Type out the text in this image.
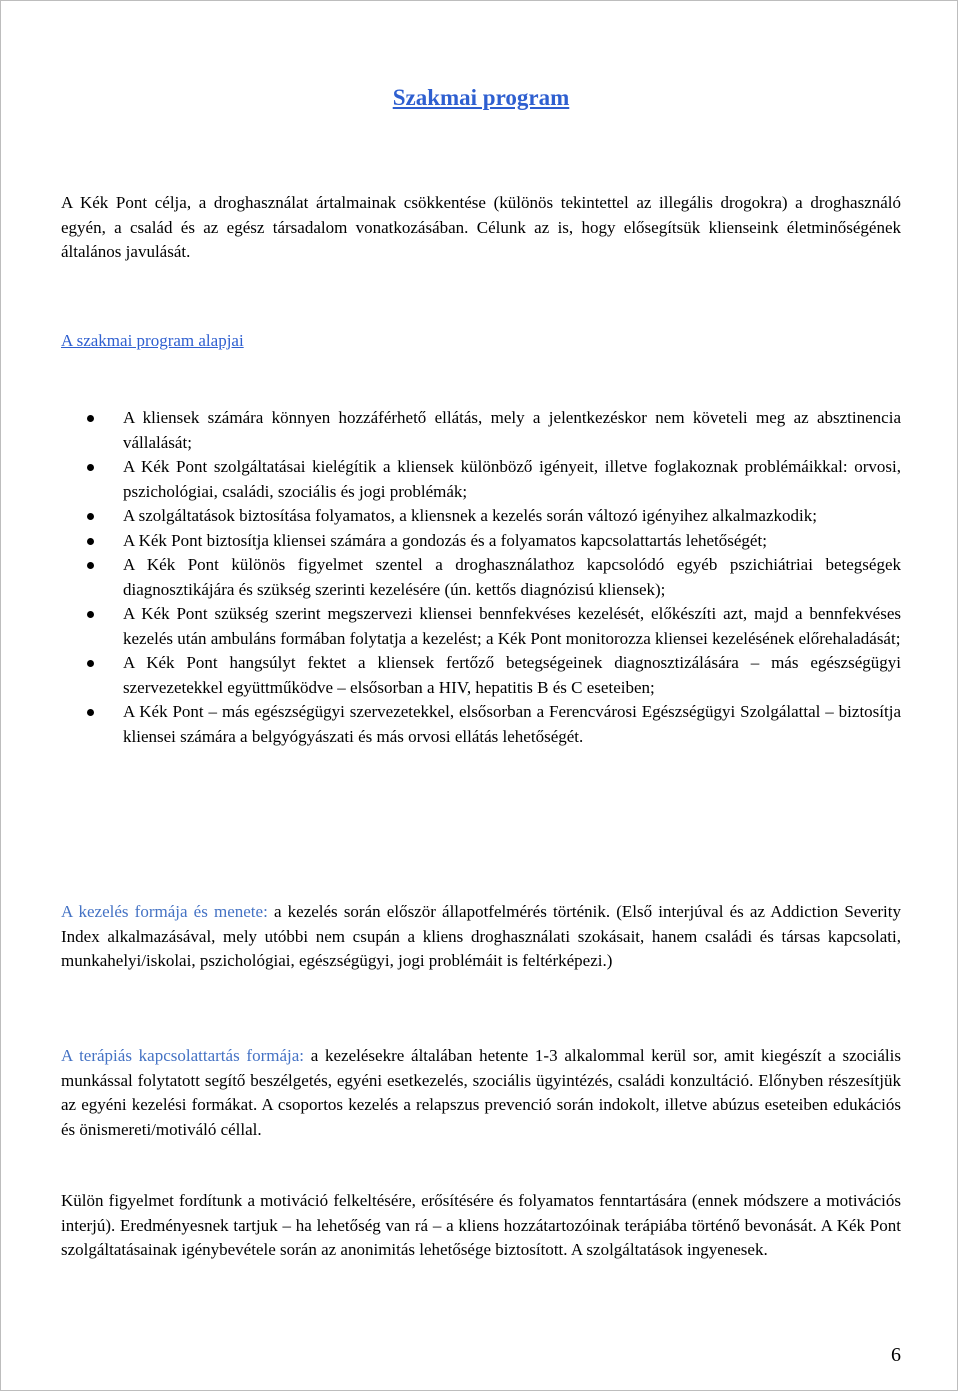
Szakmai program

A Kék Pont célja, a droghasználat ártalmainak csökkentése (különös tekintettel az illegális drogokra) a droghasználó egyén, a család és az egész társadalom vonatkozásában. Célunk az is, hogy elősegítsük klienseink életminőségének általános javulását.

A szakmai program alapjai
A kliensek számára könnyen hozzáférhető ellátás, mely a jelentkezéskor nem követeli meg az absztinencia vállalását;
A Kék Pont szolgáltatásai kielégítik a kliensek különböző igényeit, illetve foglakoznak problémáikkal: orvosi, pszichológiai, családi, szociális és jogi problémák;
A szolgáltatások biztosítása folyamatos, a kliensnek a kezelés során változó igényihez alkalmazkodik;
A Kék Pont biztosítja kliensei számára a gondozás és a folyamatos kapcsolattartás lehetőségét;
A Kék Pont különös figyelmet szentel a droghasználathoz kapcsolódó egyéb pszichiátriai betegségek diagnosztikájára és szükség szerinti kezelésére (ún. kettős diagnózisú kliensek);
A Kék Pont szükség szerint megszervezi kliensei bennfekvéses kezelését, előkészíti azt, majd a bennfekvéses kezelés után ambuláns formában folytatja a kezelést; a Kék Pont monitorozza kliensei kezelésének előrehaladását;
A Kék Pont hangsúlyt fektet a kliensek fertőző betegségeinek diagnosztizálására – más egészségügyi szervezetekkel együttműködve – elsősorban a HIV, hepatitis B és C eseteiben;
A Kék Pont – más egészségügyi szervezetekkel, elsősorban a Ferencvárosi Egészségügyi Szolgálattal – biztosítja kliensei számára a belgyógyászati és más orvosi ellátás lehetőségét.

A kezelés formája és menete: a kezelés során először állapotfelmérés történik. (Első interjúval és az Addiction Severity Index alkalmazásával, mely utóbbi nem csupán a kliens droghasználati szokásait, hanem családi és társas kapcsolati, munkahelyi/iskolai, pszichológiai, egészségügyi, jogi problémáit is feltérképezi.)

A terápiás kapcsolattartás formája: a kezelésekre általában hetente 1-3 alkalommal kerül sor, amit kiegészít a szociális munkással folytatott segítő beszélgetés, egyéni esetkezelés, szociális ügyintézés, családi konzultáció. Előnyben részesítjük az egyéni kezelési formákat. A csoportos kezelés a relapszus prevenció során indokolt, illetve abúzus eseteiben edukációs és önismereti/motiváló céllal.

Külön figyelmet fordítunk a motiváció felkeltésére, erősítésére és folyamatos fenntartására (ennek módszere a motivációs interjú). Eredményesnek tartjuk – ha lehetőség van rá – a kliens hozzátartozóinak terápiába történő bevonását. A Kék Pont szolgáltatásainak igénybevétele során az anonimitás lehetősége biztosított. A szolgáltatások ingyenesek.

6
